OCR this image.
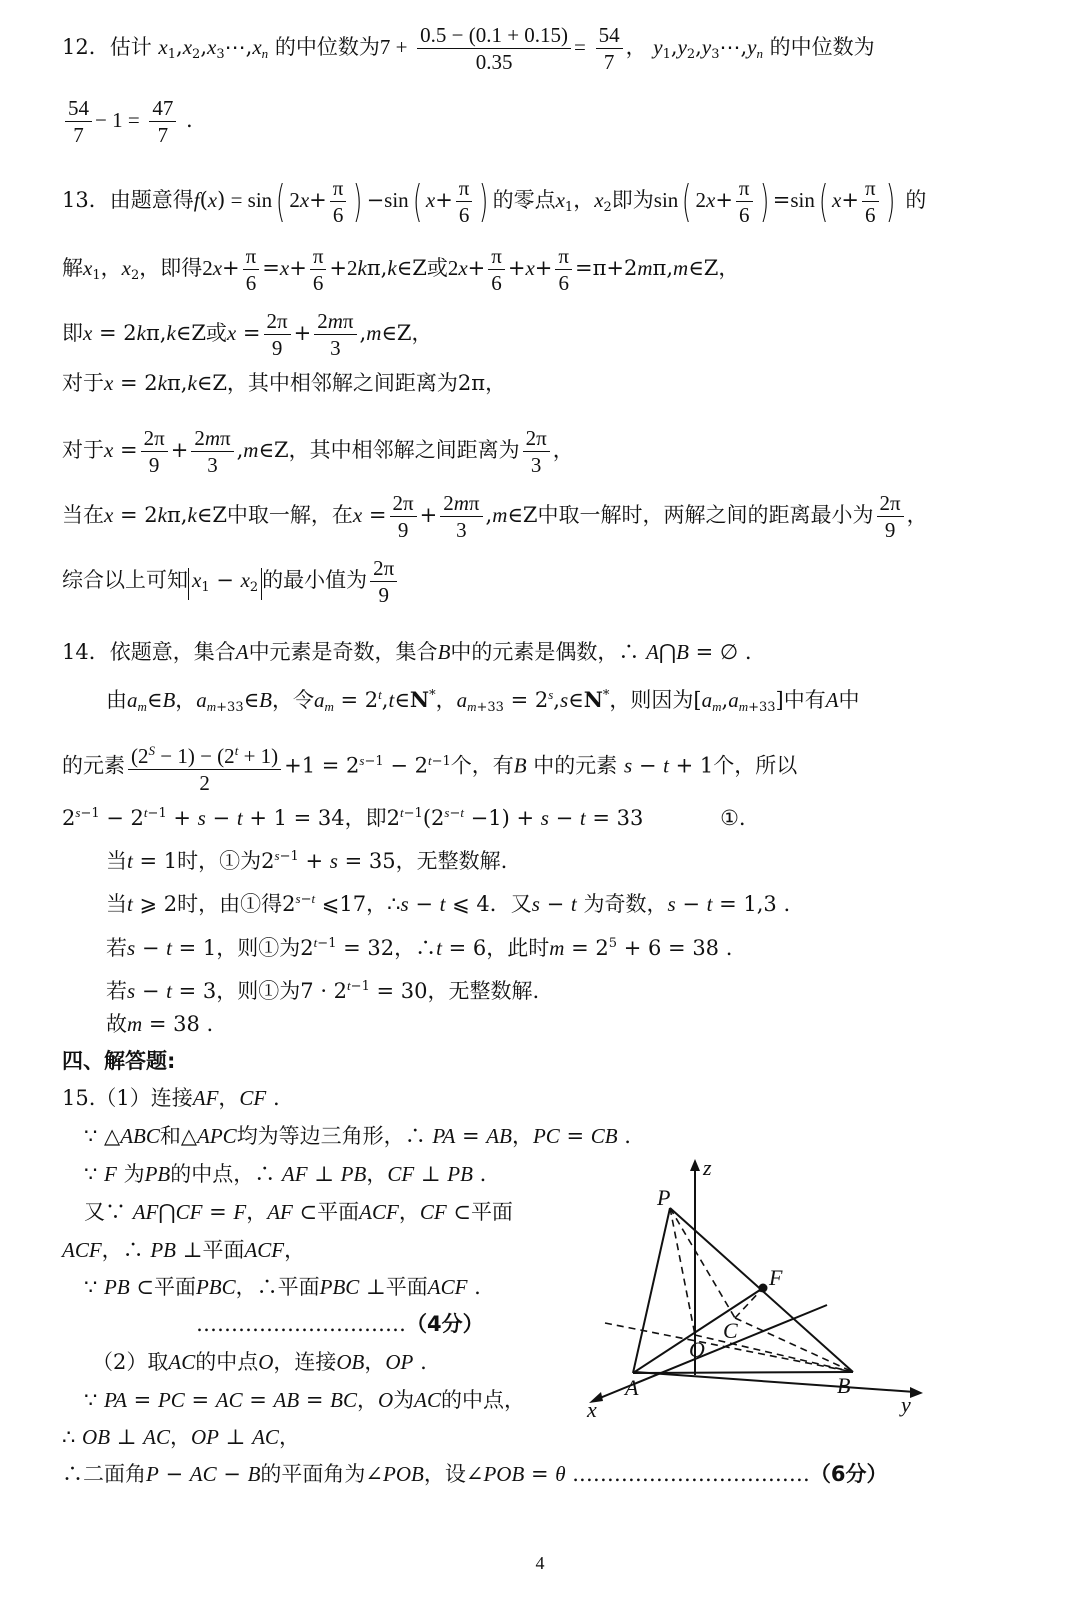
12．估计 $x_1,x_2,x_3\cdots,x_n$ 的中位数为$7 + \frac{0.5 - (0.1 + 0.15)}{0.35} = \frac{54}{7}$ ， $y_1,y_2,y_3\cdots,y_n$ 的中位数为
$\frac{54}{7} - 1 = \frac{47}{7}$ .
13．由题意得f(x) = sin( $2x+ \frac{\pi}{6}$ ) −sin( $x+ \frac{\pi}{6}$ ) 的零点$x_1$，$x_2$即为sin( $2x+ \frac{\pi}{6}$ ) =sin( $x+ \frac{\pi}{6}$ ) 的
解$x_1$，$x_2$，即得$2x+ \frac{\pi}{6} =x+ \frac{\pi}{6}$ +2kπ,k∈Z或$2x+ \frac{\pi}{6} +x+ \frac{\pi}{6}$ =π+2mπ,m∈Z，
即x = 2kπ,k∈Z或$x = \frac{2\pi}{9} + \frac{2m\pi}{3}$ ,m∈Z，
对于x = 2kπ,k∈Z，其中相邻解之间距离为2π，
对于$x = \frac{2\pi}{9} + \frac{2m\pi}{3}$ ,m∈Z，其中相邻解之间距离为 $\frac{2\pi}{3}$ ，
当在x = 2kπ,k∈Z中取一解，在$x = \frac{2\pi}{9} + \frac{2m\pi}{3}$ ,m∈Z中取一解时，两解之间的距离最小为 $\frac{2\pi}{9}$ ，
综合以上可知 $x_1 - x_2$ 的最小值为 $\frac{2\pi}{9}$
14．依题意，集合A中元素是奇数，集合B中的元素是偶数，∴ A⋂B = ∅ .
由$a_m\in B$，$a_{m+33}\in B$，令$a_m$ = $2^t,t\in N^*$，$a_{m+33}$ = $2^s,s\in N^*$，则因为$[a_m,a_{m+33}]$中有A中
的元素 $\frac{(2^S - 1) - (2^t + 1)}{2} +1 = 2^{s-1} - 2^{t-1}$个，有B 中的元素 s − t + 1个，所以
$2^{s-1} - 2^{t-1} + s - t + 1 = 34$，即$2^{t-1}(2^{s-t} -1) + s - t = 33$	①.
当t = 1时，①为$2^{s-1} + s = 35$，无整数解.
当t ⩾ 2时，由①得$2^{s-t}$ ⩽17，∴s − t ⩽ 4．又s − t 为奇数，s − t = 1,3 .
若s − t = 1，则①为$2^{t-1} = 32$，∴t = 6，此时$m = 2^5 + 6 = 38$ .
若s − t = 3，则①为$7 \cdot 2^{t-1} = 30$，无整数解.
故m = 38 .
四、解答题:
15.（1）连接AF，CF .
∵ △ABC和△APC均为等边三角形，∴ PA = AB，PC = CB .
∵ F 为PB的中点，∴ AF ⊥ PB，CF ⊥ PB .
又∵ AF⋂CF = F，AF ⊂平面ACF，CF ⊂平面
ACF，∴ PB ⊥平面ACF，
∵ PB ⊂平面PBC，∴平面PBC ⊥平面ACF .
…………………………（4分）
（2）取AC的中点O，连接OB，OP .
∵ PA = PC = AC = AB = BC，O为AC的中点，
∴ OB ⊥ AC，OP ⊥ AC，
∴二面角P − AC − B的平面角为∠POB，设∠POB = θ .……………………………（6分）
z
P
F
C
O
A	B
x	y
4
